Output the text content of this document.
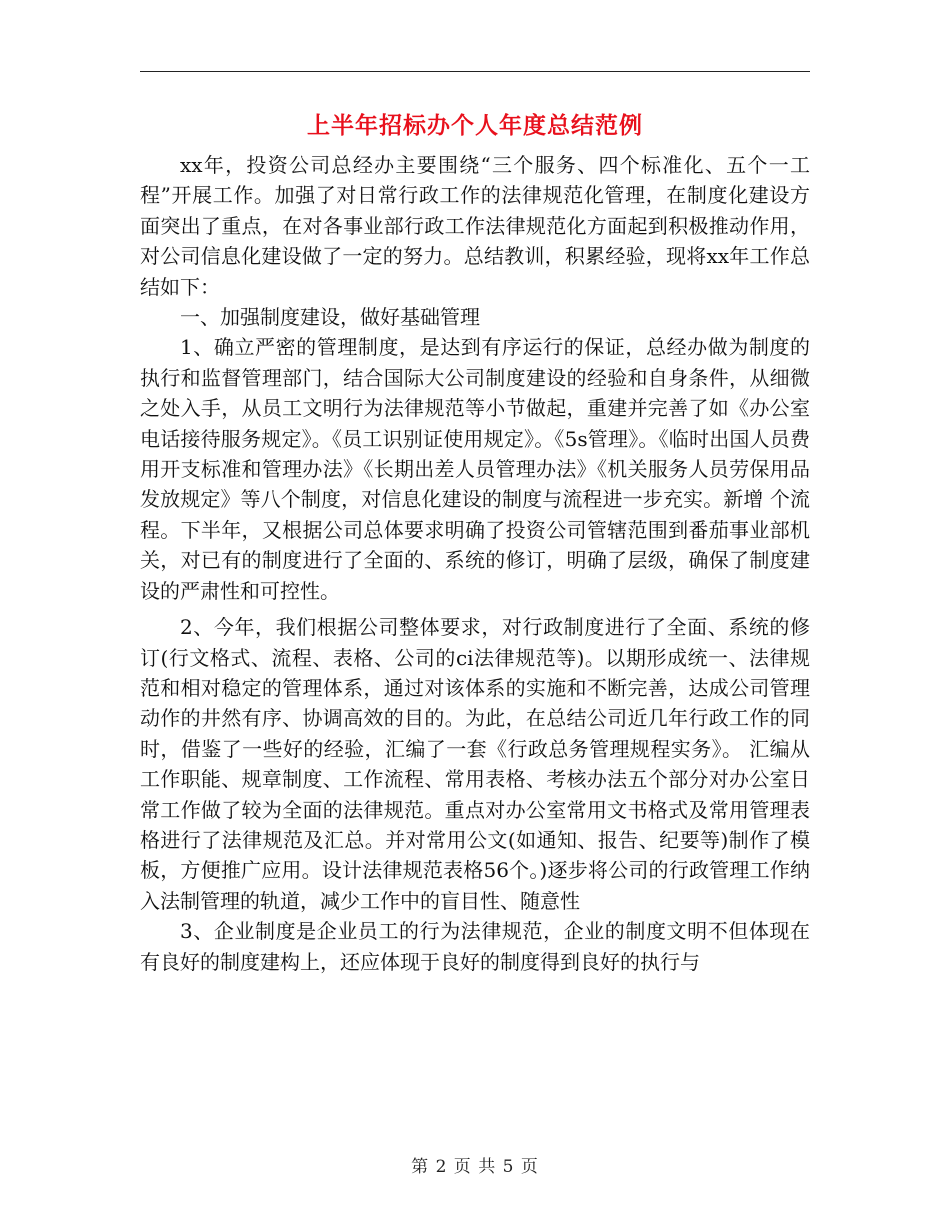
上半年招标办个人年度总结范例

xx年，投资公司总经办主要围绕“三个服务、四个标准化、五个一工程”开展工作。加强了对日常行政工作的法律规范化管理，在制度化建设方面突出了重点，在对各事业部行政工作法律规范化方面起到积极推动作用，对公司信息化建设做了一定的努力。总结教训，积累经验，现将xx年工作总结如下：

一、加强制度建设，做好基础管理

1、确立严密的管理制度，是达到有序运行的保证，总经办做为制度的执行和监督管理部门，结合国际大公司制度建设的经验和自身条件，从细微之处入手，从员工文明行为法律规范等小节做起，重建并完善了如《办公室电话接待服务规定》。《员工识别证使用规定》。《5s管理》。《临时出国人员费用开支标准和管理办法》《长期出差人员管理办法》《机关服务人员劳保用品发放规定》等八个制度，对信息化建设的制度与流程进一步充实。新增 个流程。下半年，又根据公司总体要求明确了投资公司管辖范围到番茄事业部机关，对已有的制度进行了全面的、系统的修订，明确了层级，确保了制度建设的严肃性和可控性。

2、今年，我们根据公司整体要求，对行政制度进行了全面、系统的修订(行文格式、流程、表格、公司的ci法律规范等)。以期形成统一、法律规范和相对稳定的管理体系，通过对该体系的实施和不断完善，达成公司管理动作的井然有序、协调高效的目的。为此，在总结公司近几年行政工作的同时，借鉴了一些好的经验，汇编了一套《行政总务管理规程实务》。 汇编从工作职能、规章制度、工作流程、常用表格、考核办法五个部分对办公室日常工作做了较为全面的法律规范。重点对办公室常用文书格式及常用管理表格进行了法律规范及汇总。并对常用公文(如通知、报告、纪要等)制作了模板，方便推广应用。设计法律规范表格56个。)逐步将公司的行政管理工作纳入法制管理的轨道，减少工作中的盲目性、随意性

3、企业制度是企业员工的行为法律规范，企业的制度文明不但体现在有良好的制度建构上，还应体现于良好的制度得到良好的执行与

第 2 页 共 5 页
